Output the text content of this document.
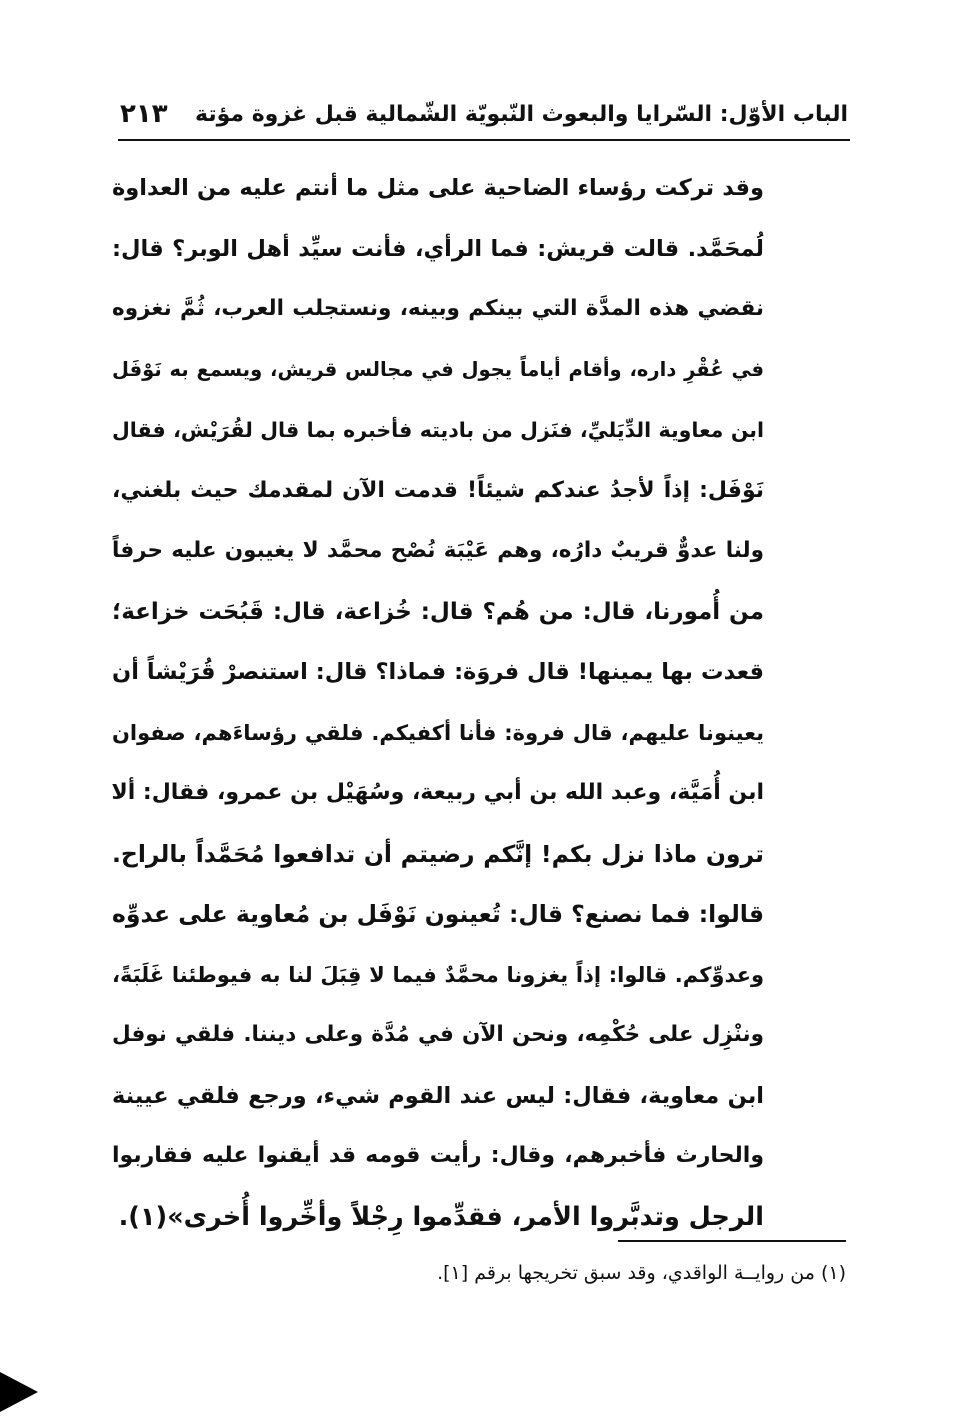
الباب الأوّل: السّرايا والبعوث النّبويّة الشّمالية قبل غزوة مؤتة
٢١٣
وقد تركت رؤساء الضاحية على مثل ما أنتم عليه من العداوة
لُمحَمَّد. قالت قريش: فما الرأي، فأنت سيِّد أهل الوبر؟ قال:
نقضي هذه المدَّة التي بينكم وبينه، ونستجلب العرب، ثُمَّ نغزوه
في عُقْرِ داره، وأقام أياماً يجول في مجالس قريش، ويسمع به نَوْفَل
ابن معاوية الدِّيَليِّ، فنَزل من باديته فأخبره بما قال لقُرَيْش، فقال
نَوْفَل: إذاً لأجدُ عندكم شيئاً! قدمت الآن لمقدمك حيث بلغني،
ولنا عدوٌّ قريبٌ دارُه، وهم عَيْبَة نُصْح محمَّد لا يغيبون عليه حرفاً
من أُمورنا، قال: من هُم؟ قال: خُزاعة، قال: قَبُحَت خزاعة؛
قعدت بها يمينها! قال فروَة: فماذا؟ قال: استنصرْ قُرَيْشاً أن
يعينونا عليهم، قال فروة: فأنا أكفيكم. فلقي رؤساءَهم، صفوان
ابن أُمَيَّة، وعبد الله بن أبي ربيعة، وسُهَيْل بن عمرو، فقال: ألا
ترون ماذا نزل بكم! إنَّكم رضيتم أن تدافعوا مُحَمَّداً بالراح.
قالوا: فما نصنع؟ قال: تُعينون نَوْفَل بن مُعاوية على عدوِّه
وعدوِّكم. قالوا: إذاً يغزونا محمَّدٌ فيما لا قِبَلَ لنا به فيوطئنا غَلَبَةً،
وننْزِل على حُكْمِه، ونحن الآن في مُدَّة وعلى ديننا. فلقي نوفل
ابن معاوية، فقال: ليس عند القوم شيء، ورجع فلقي عيينة
والحارث فأخبرهم، وقال: رأيت قومه قد أيقنوا عليه فقاربوا
الرجل وتدبَّروا الأمر، فقدِّموا رِجْلاً وأخِّروا أُخرى»(١).
(١) من روايــة الواقدي، وقد سبق تخريجها برقم [١].
